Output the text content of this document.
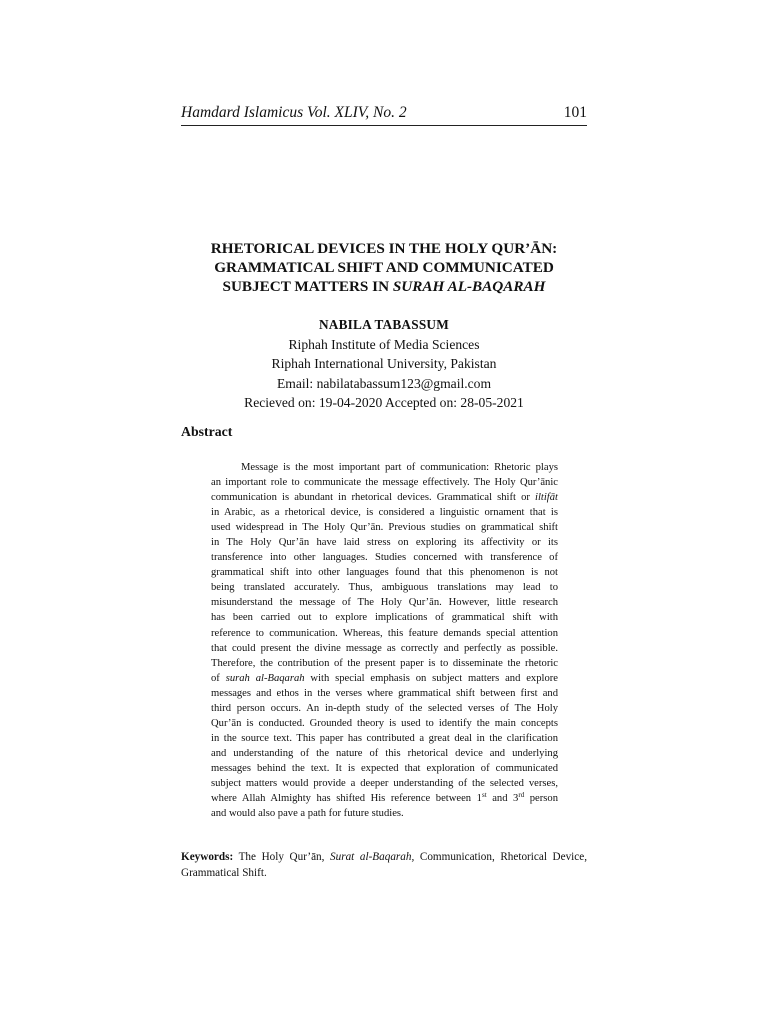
Hamdard Islamicus Vol. XLIV, No. 2	101
RHETORICAL DEVICES IN THE HOLY QUR’ĀN:
GRAMMATICAL SHIFT AND COMMUNICATED
SUBJECT MATTERS IN SURAH AL-BAQARAH
NABILA TABASSUM
Riphah Institute of Media Sciences
Riphah International University, Pakistan
Email: nabilatabassum123@gmail.com
Recieved on: 19-04-2020 Accepted on: 28-05-2021
Abstract
Message is the most important part of communication: Rhetoric plays
an important role to communicate the message effectively. The Holy Qur’ānic
communication is abundant in rhetorical devices. Grammatical shift or iltifāt
in Arabic, as a rhetorical device, is considered a linguistic ornament that is
used widespread in The Holy Qur’ān. Previous studies on grammatical shift
in The Holy Qur’ān have laid stress on exploring its affectivity or its
transference into other languages. Studies concerned with transference of
grammatical shift into other languages found that this phenomenon is not
being translated accurately. Thus, ambiguous translations may lead to
misunderstand the message of The Holy Qur’ān. However, little research
has been carried out to explore implications of grammatical shift with
reference to communication. Whereas, this feature demands special attention
that could present the divine message as correctly and perfectly as possible.
Therefore, the contribution of the present paper is to disseminate the rhetoric
of surah al-Baqarah with special emphasis on subject matters and explore
messages and ethos in the verses where grammatical shift between first and
third person occurs. An in-depth study of the selected verses of The Holy
Qur’ān is conducted. Grounded theory is used to identify the main concepts
in the source text. This paper has contributed a great deal in the clarification
and understanding of the nature of this rhetorical device and underlying
messages behind the text. It is expected that exploration of communicated
subject matters would provide a deeper understanding of the selected verses,
where Allah Almighty has shifted His reference between 1st and 3rd person
and would also pave a path for future studies.
Keywords: The Holy Qur’ān, Surat al-Baqarah, Communication, Rhetorical Device,
Grammatical Shift.
